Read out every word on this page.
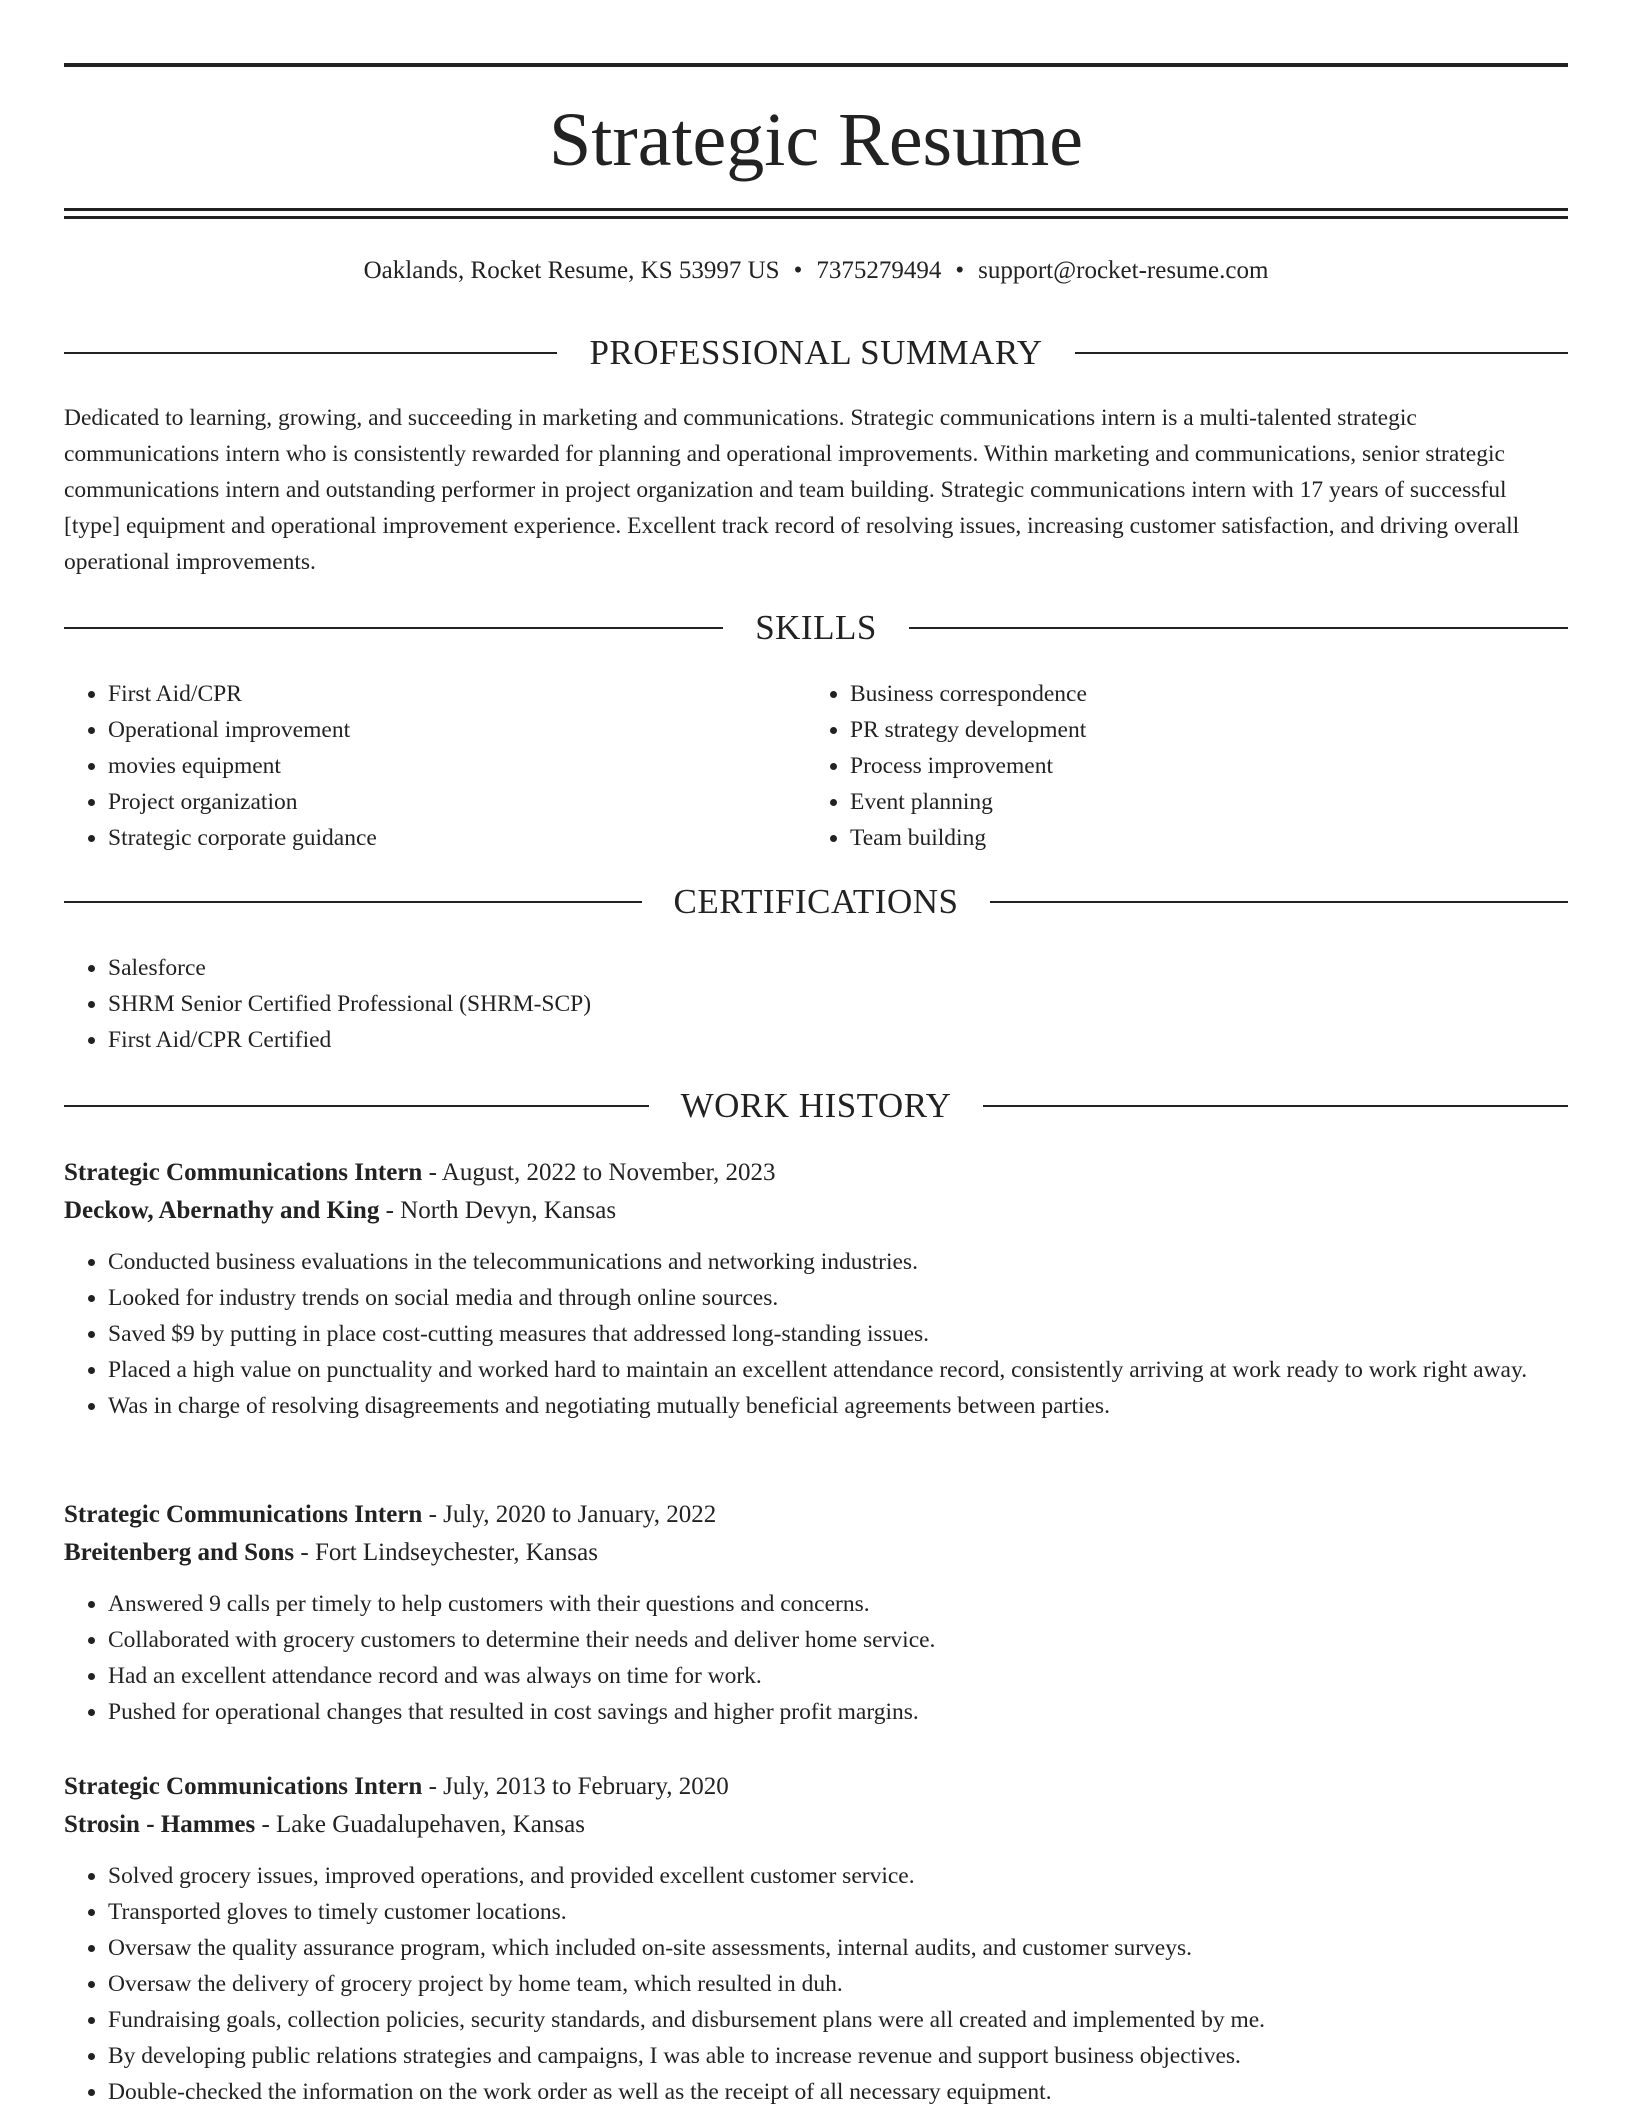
Strategic Resume
Oaklands, Rocket Resume, KS 53997 US • 7375279494 • support@rocket-resume.com
PROFESSIONAL SUMMARY

Dedicated to learning, growing, and succeeding in marketing and communications. Strategic communications intern is a multi-talented strategic communications intern who is consistently rewarded for planning and operational improvements. Within marketing and communications, senior strategic communications intern and outstanding performer in project organization and team building. Strategic communications intern with 17 years of successful [type] equipment and operational improvement experience. Excellent track record of resolving issues, increasing customer satisfaction, and driving overall operational improvements.

SKILLS
• First Aid/CPR
• Operational improvement
• movies equipment
• Project organization
• Strategic corporate guidance
• Business correspondence
• PR strategy development
• Process improvement
• Event planning
• Team building
CERTIFICATIONS
• Salesforce
• SHRM Senior Certified Professional (SHRM-SCP)
• First Aid/CPR Certified
WORK HISTORY
Strategic Communications Intern - August, 2022 to November, 2023
Deckow, Abernathy and King - North Devyn, Kansas
• Conducted business evaluations in the telecommunications and networking industries.
• Looked for industry trends on social media and through online sources.
• Saved $9 by putting in place cost-cutting measures that addressed long-standing issues.
• Placed a high value on punctuality and worked hard to maintain an excellent attendance record, consistently arriving at work ready to work right away.
• Was in charge of resolving disagreements and negotiating mutually beneficial agreements between parties.
Strategic Communications Intern - July, 2020 to January, 2022
Breitenberg and Sons - Fort Lindseychester, Kansas
• Answered 9 calls per timely to help customers with their questions and concerns.
• Collaborated with grocery customers to determine their needs and deliver home service.
• Had an excellent attendance record and was always on time for work.
• Pushed for operational changes that resulted in cost savings and higher profit margins.
Strategic Communications Intern - July, 2013 to February, 2020
Strosin - Hammes - Lake Guadalupehaven, Kansas
• Solved grocery issues, improved operations, and provided excellent customer service.
• Transported gloves to timely customer locations.
• Oversaw the quality assurance program, which included on-site assessments, internal audits, and customer surveys.
• Oversaw the delivery of grocery project by home team, which resulted in duh.
• Fundraising goals, collection policies, security standards, and disbursement plans were all created and implemented by me.
• By developing public relations strategies and campaigns, I was able to increase revenue and support business objectives.
• Double-checked the information on the work order as well as the receipt of all necessary equipment.
